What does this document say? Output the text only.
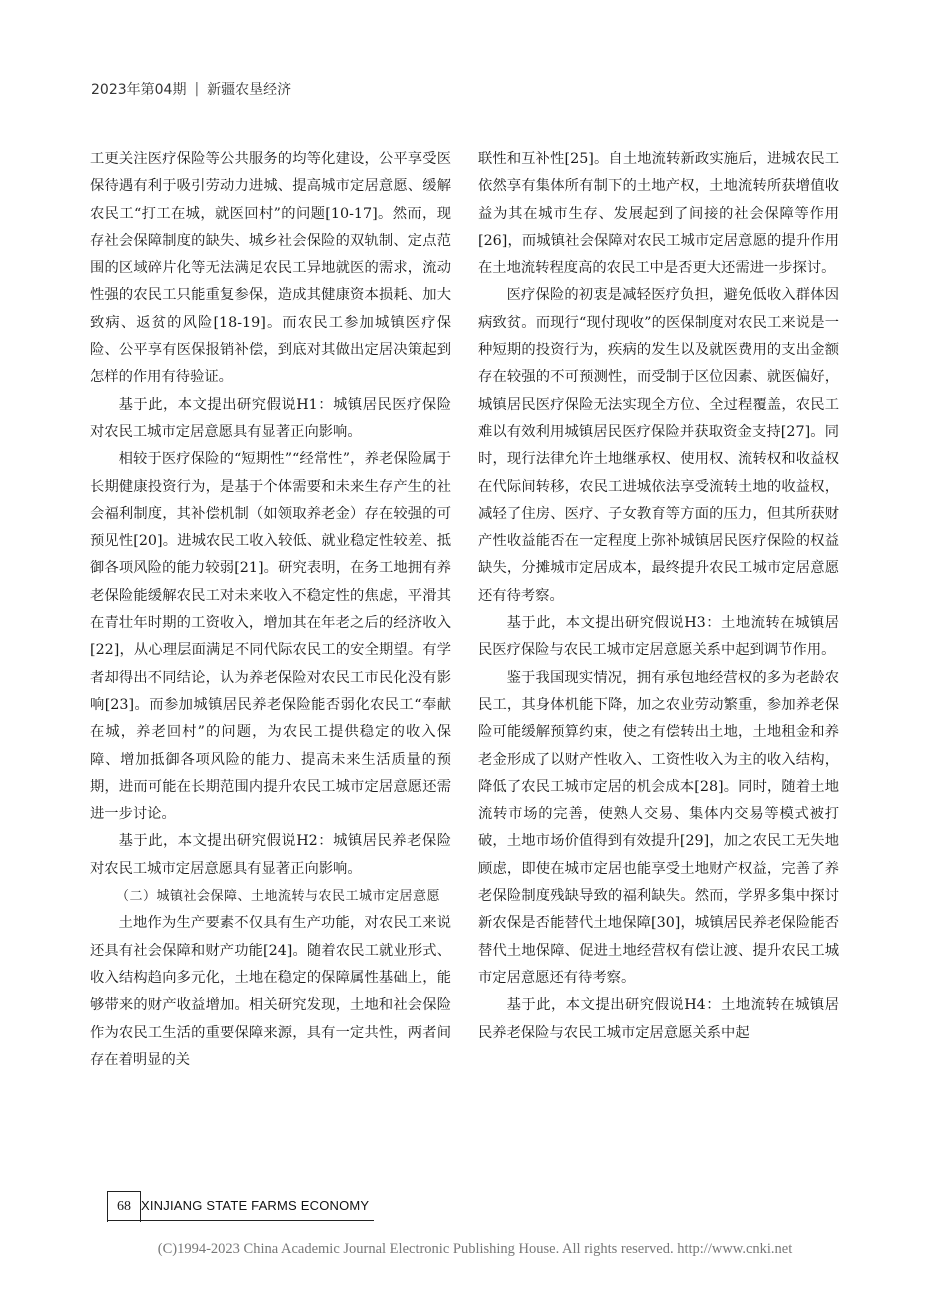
2023年第04期 | 新疆农垦经济

工更关注医疗保险等公共服务的均等化建设，公平享受医保待遇有利于吸引劳动力进城、提高城市定居意愿、缓解农民工“打工在城，就医回村”的问题[10-17]。然而，现存社会保障制度的缺失、城乡社会保险的双轨制、定点范围的区域碎片化等无法满足农民工异地就医的需求，流动性强的农民工只能重复参保，造成其健康资本损耗、加大致病、返贫的风险[18-19]。而农民工参加城镇医疗保险、公平享有医保报销补偿，到底对其做出定居决策起到怎样的作用有待验证。

基于此，本文提出研究假说H1：城镇居民医疗保险对农民工城市定居意愿具有显著正向影响。

相较于医疗保险的“短期性”“经常性”，养老保险属于长期健康投资行为，是基于个体需要和未来生存产生的社会福利制度，其补偿机制（如领取养老金）存在较强的可预见性[20]。进城农民工收入较低、就业稳定性较差、抵御各项风险的能力较弱[21]。研究表明，在务工地拥有养老保险能缓解农民工对未来收入不稳定性的焦虑，平滑其在青壮年时期的工资收入，增加其在年老之后的经济收入[22]，从心理层面满足不同代际农民工的安全期望。有学者却得出不同结论，认为养老保险对农民工市民化没有影响[23]。而参加城镇居民养老保险能否弱化农民工“奉献在城，养老回村”的问题，为农民工提供稳定的收入保障、增加抵御各项风险的能力、提高未来生活质量的预期，进而可能在长期范围内提升农民工城市定居意愿还需进一步讨论。

基于此，本文提出研究假说H2：城镇居民养老保险对农民工城市定居意愿具有显著正向影响。

（二）城镇社会保障、土地流转与农民工城市定居意愿

土地作为生产要素不仅具有生产功能，对农民工来说还具有社会保障和财产功能[24]。随着农民工就业形式、收入结构趋向多元化，土地在稳定的保障属性基础上，能够带来的财产收益增加。相关研究发现，土地和社会保险作为农民工生活的重要保障来源，具有一定共性，两者间存在着明显的关

联性和互补性[25]。自土地流转新政实施后，进城农民工依然享有集体所有制下的土地产权，土地流转所获增值收益为其在城市生存、发展起到了间接的社会保障等作用[26]，而城镇社会保障对农民工城市定居意愿的提升作用在土地流转程度高的农民工中是否更大还需进一步探讨。

医疗保险的初衷是减轻医疗负担，避免低收入群体因病致贫。而现行“现付现收”的医保制度对农民工来说是一种短期的投资行为，疾病的发生以及就医费用的支出金额存在较强的不可预测性，而受制于区位因素、就医偏好，城镇居民医疗保险无法实现全方位、全过程覆盖，农民工难以有效利用城镇居民医疗保险并获取资金支持[27]。同时，现行法律允许土地继承权、使用权、流转权和收益权在代际间转移，农民工进城依法享受流转土地的收益权，减轻了住房、医疗、子女教育等方面的压力，但其所获财产性收益能否在一定程度上弥补城镇居民医疗保险的权益缺失，分摊城市定居成本，最终提升农民工城市定居意愿还有待考察。

基于此，本文提出研究假说H3：土地流转在城镇居民医疗保险与农民工城市定居意愿关系中起到调节作用。

鉴于我国现实情况，拥有承包地经营权的多为老龄农民工，其身体机能下降，加之农业劳动繁重，参加养老保险可能缓解预算约束，使之有偿转出土地，土地租金和养老金形成了以财产性收入、工资性收入为主的收入结构，降低了农民工城市定居的机会成本[28]。同时，随着土地流转市场的完善，使熟人交易、集体内交易等模式被打破，土地市场价值得到有效提升[29]，加之农民工无失地顾虑，即使在城市定居也能享受土地财产权益，完善了养老保险制度残缺导致的福利缺失。然而，学界多集中探讨新农保是否能替代土地保障[30]，城镇居民养老保险能否替代土地保障、促进土地经营权有偿让渡、提升农民工城市定居意愿还有待考察。

基于此，本文提出研究假说H4：土地流转在城镇居民养老保险与农民工城市定居意愿关系中起

68 XINJIANG STATE FARMS ECONOMY
(C)1994-2023 China Academic Journal Electronic Publishing House. All rights reserved. http://www.cnki.net
